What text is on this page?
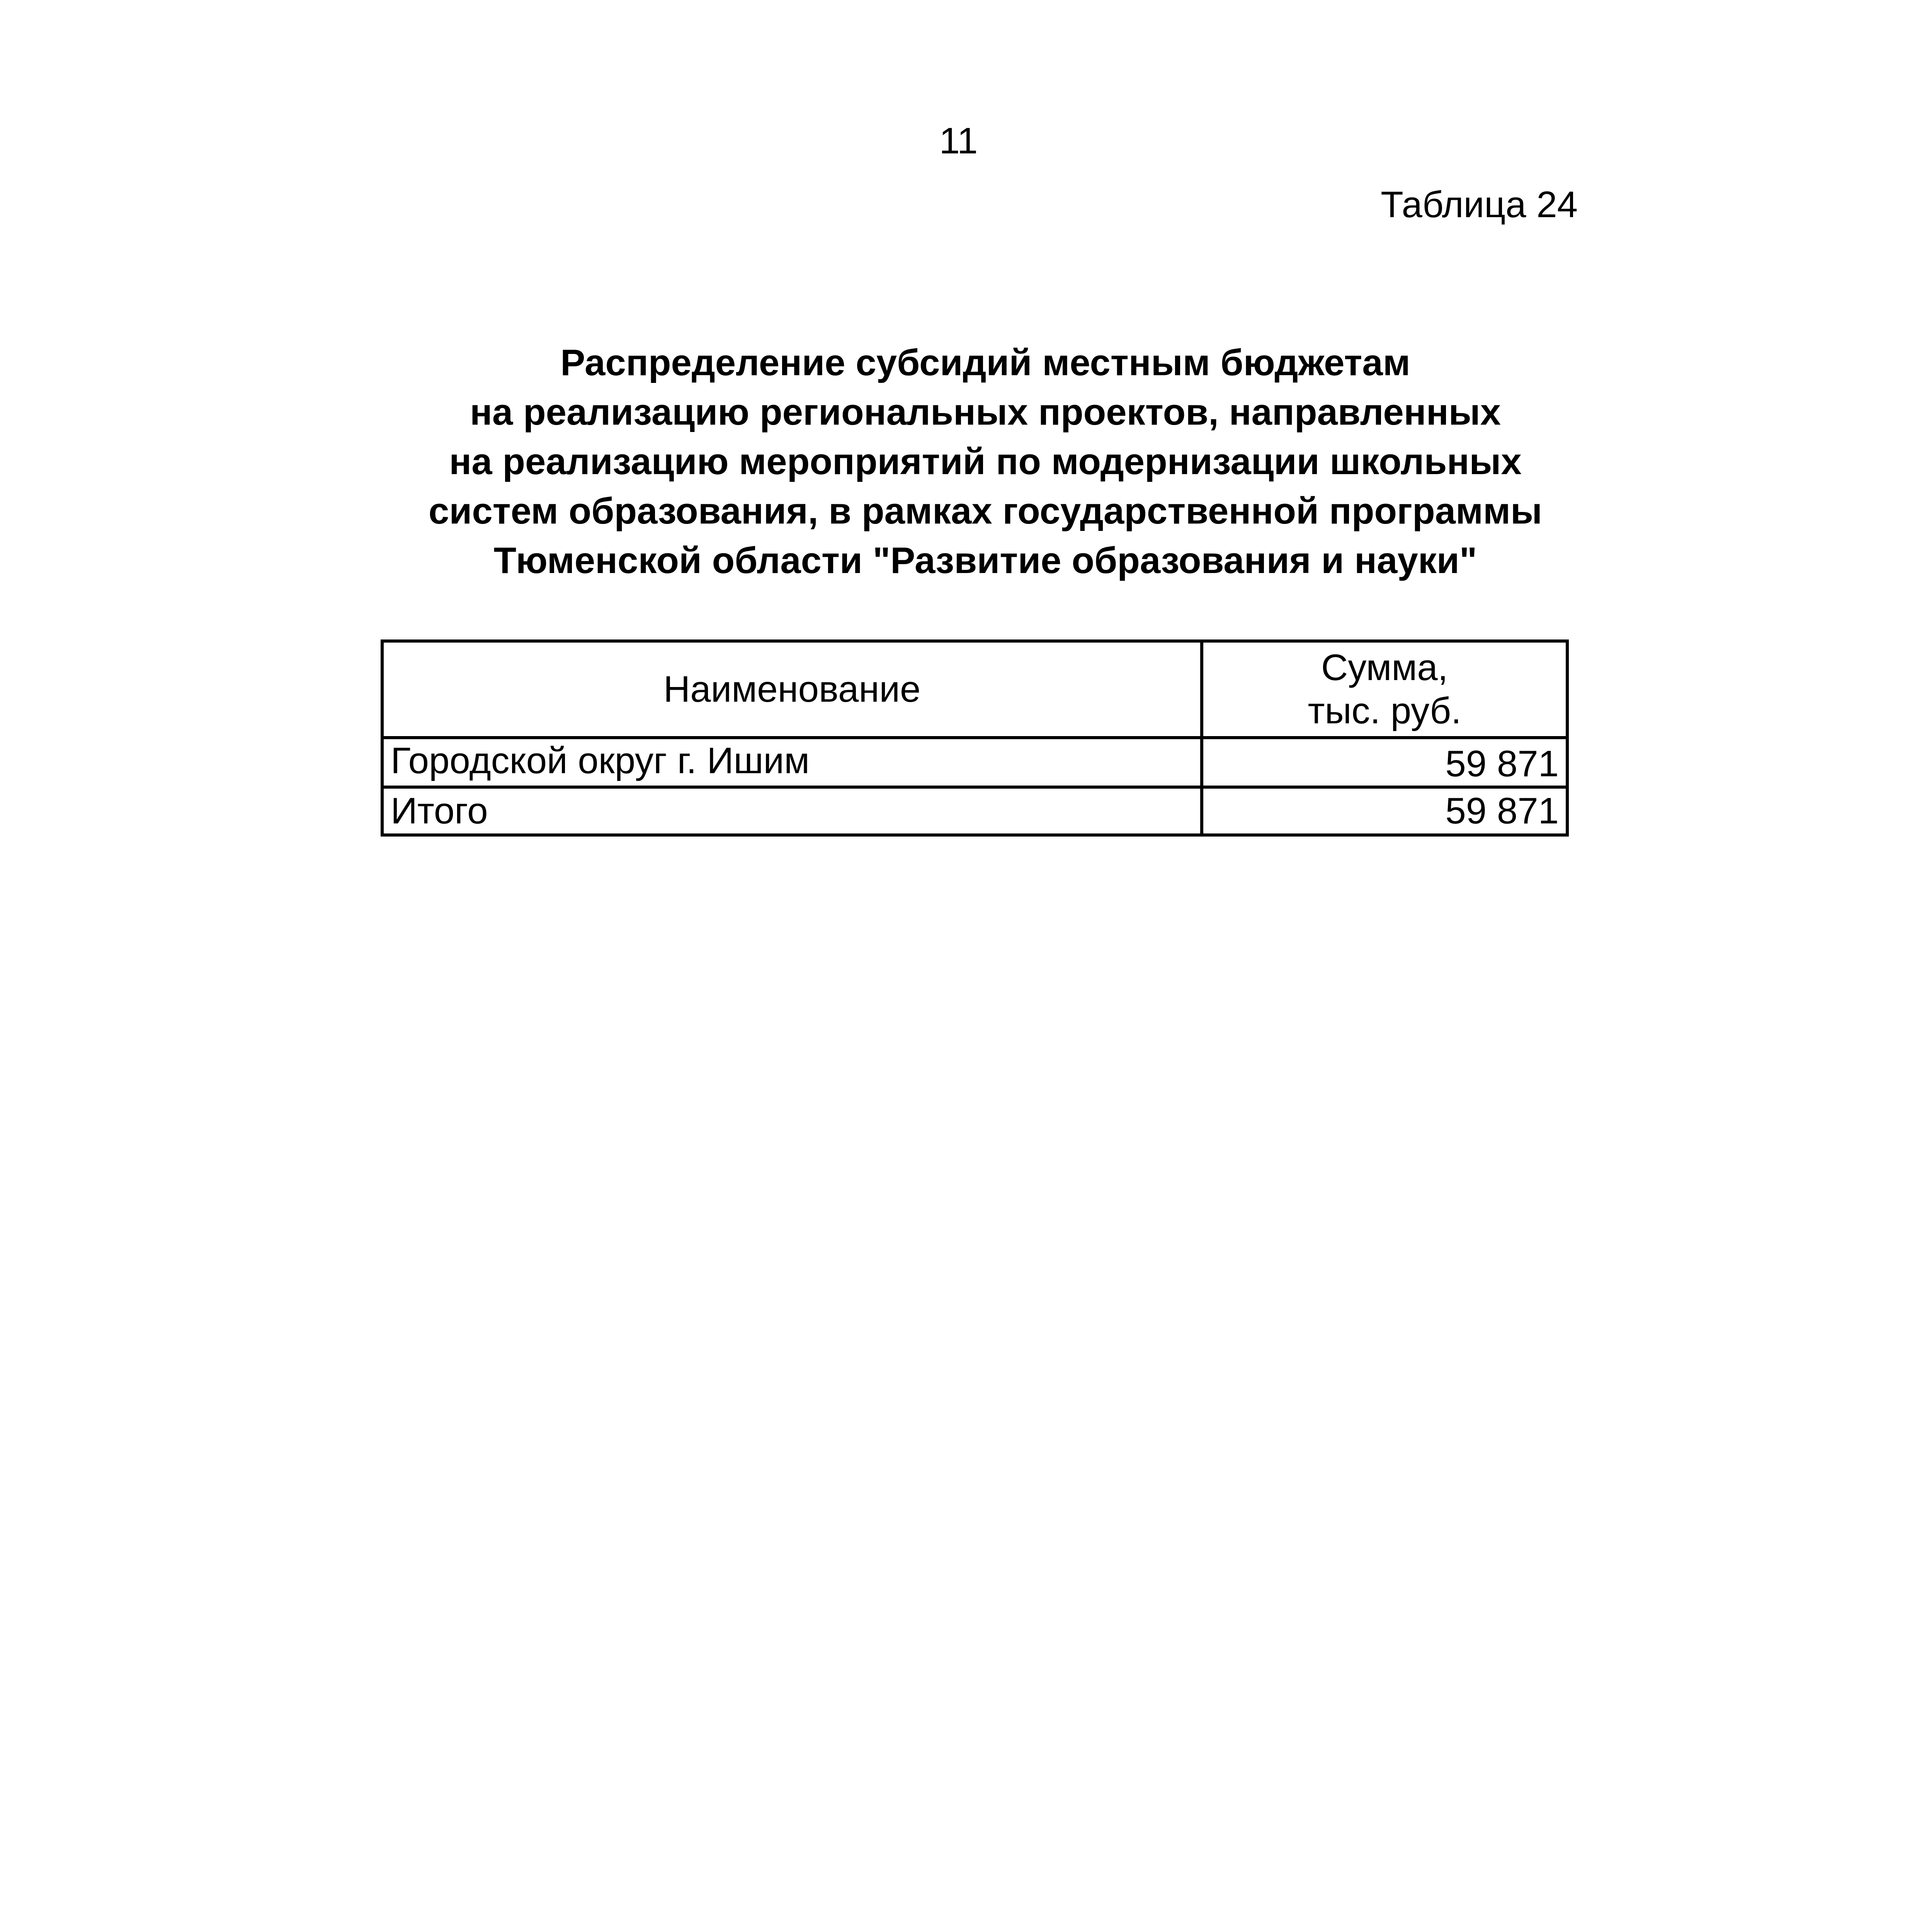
11
Таблица 24
Распределение субсидий местным бюджетам
на реализацию региональных проектов, направленных
на реализацию мероприятий по модернизации школьных
систем образования, в рамках государственной программы
Тюменской области "Развитие образования и науки"
Наименование	Сумма,
тыс. руб.

Городской округ г. Ишим	59 871
Итого	59 871
